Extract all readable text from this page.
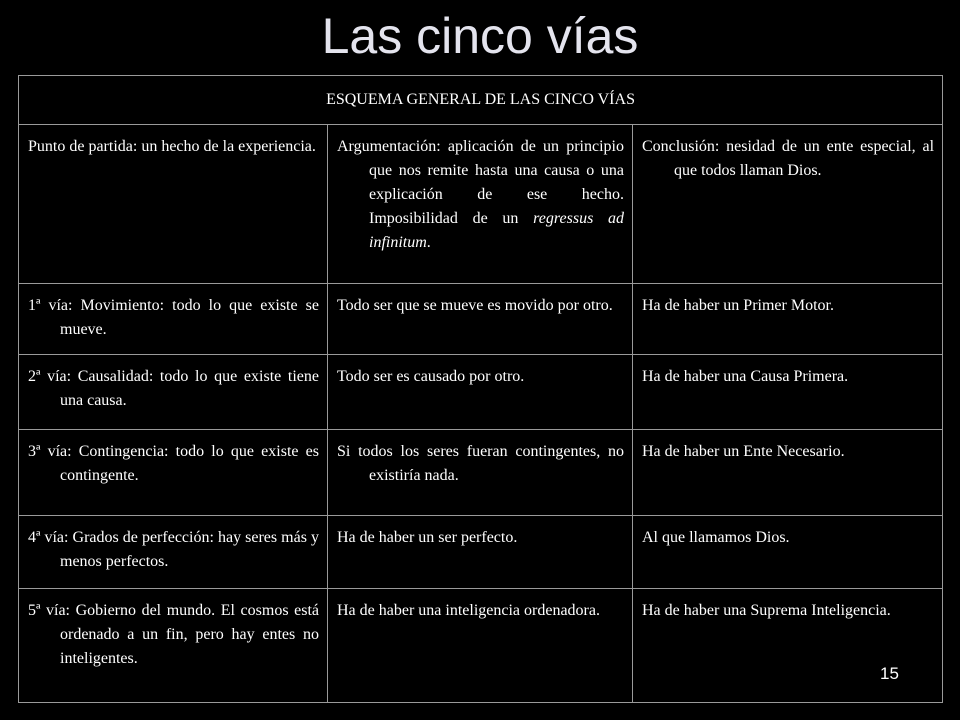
Las cinco vías
ESQUEMA GENERAL DE LAS CINCO VÍAS		

Punto de partida: un hecho de la experiencia.	Argumentación: aplicación de un principio que nos remite hasta una causa o una explicación de ese hecho. Imposibilidad de un regressus ad infinitum.	Conclusión: nesidad de un ente especial, al que todos llaman Dios.

1ª vía: Movimiento: todo lo que existe se mueve.	Todo ser que se mueve es movido por otro.	Ha de haber un Primer Motor.

2ª vía: Causalidad: todo lo que existe tiene una causa.	Todo ser es causado por otro.	Ha de haber una Causa Primera.

3ª vía: Contingencia: todo lo que existe es contingente.	Si todos los seres fueran contingentes, no existiría nada.	Ha de haber un Ente Necesario.

4ª vía: Grados de perfección: hay seres más y menos perfectos.	Ha de haber un ser perfecto.	Al que llamamos Dios.

5ª vía: Gobierno del mundo. El cosmos está ordenado a un fin, pero hay entes no inteligentes.	Ha de haber una inteligencia ordenadora.	Ha de haber una Suprema Inteligencia.
15
